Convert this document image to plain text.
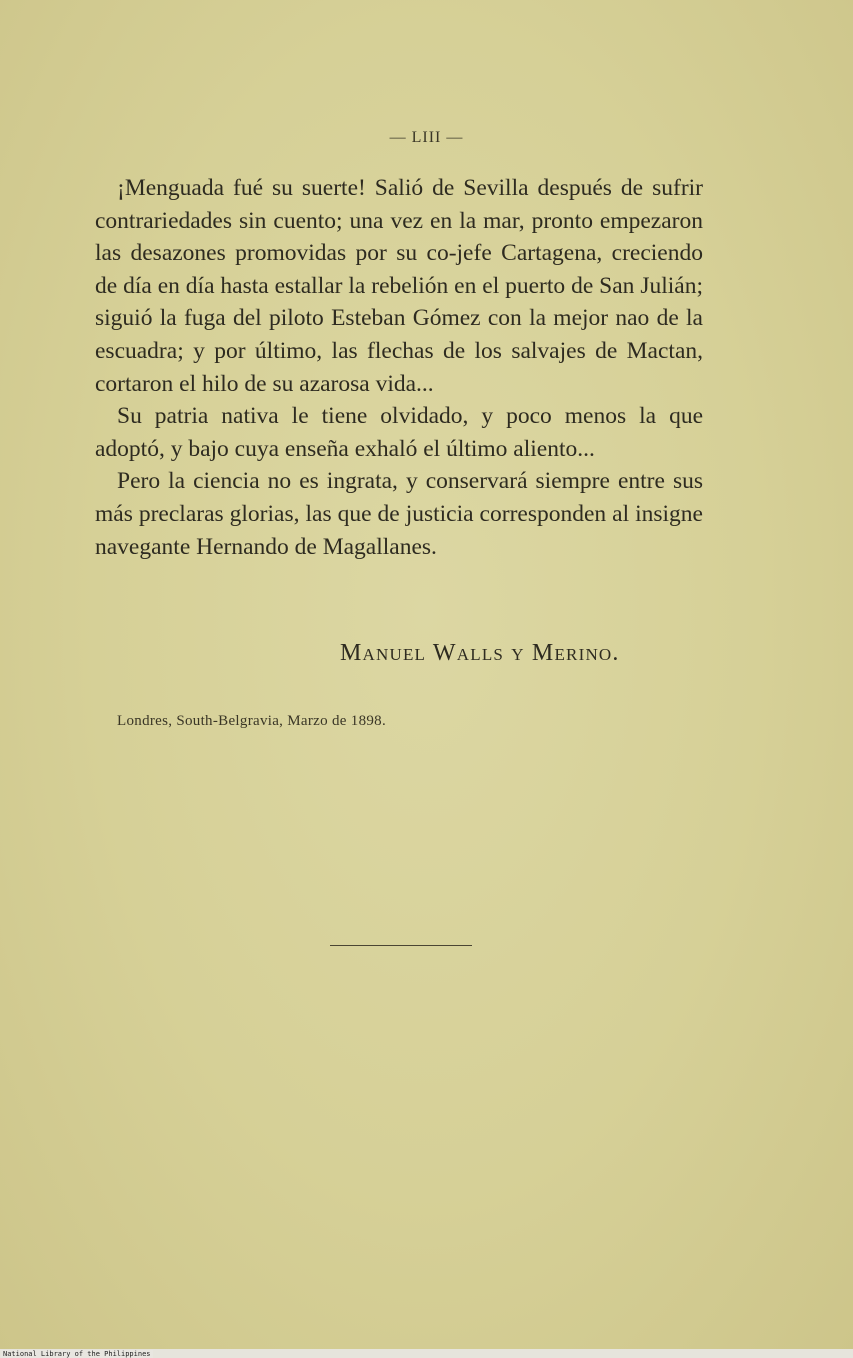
— LIII —

¡Menguada fué su suerte! Salió de Sevilla después de sufrir contrariedades sin cuento; una vez en la mar, pronto empezaron las desazones promovidas por su co-jefe Cartagena, creciendo de día en día hasta estallar la rebelión en el puerto de San Julián; siguió la fuga del piloto Esteban Gómez con la mejor nao de la escuadra; y por último, las flechas de los salvajes de Mactan, cortaron el hilo de su azarosa vida...

Su patria nativa le tiene olvidado, y poco menos la que adoptó, y bajo cuya enseña exhaló el último aliento...

Pero la ciencia no es ingrata, y conservará siempre entre sus más preclaras glorias, las que de justicia corresponden al insigne navegante Hernando de Magallanes.

Manuel Walls y Merino.
Londres, South-Belgravia, Marzo de 1898.
National Library of the Philippines
